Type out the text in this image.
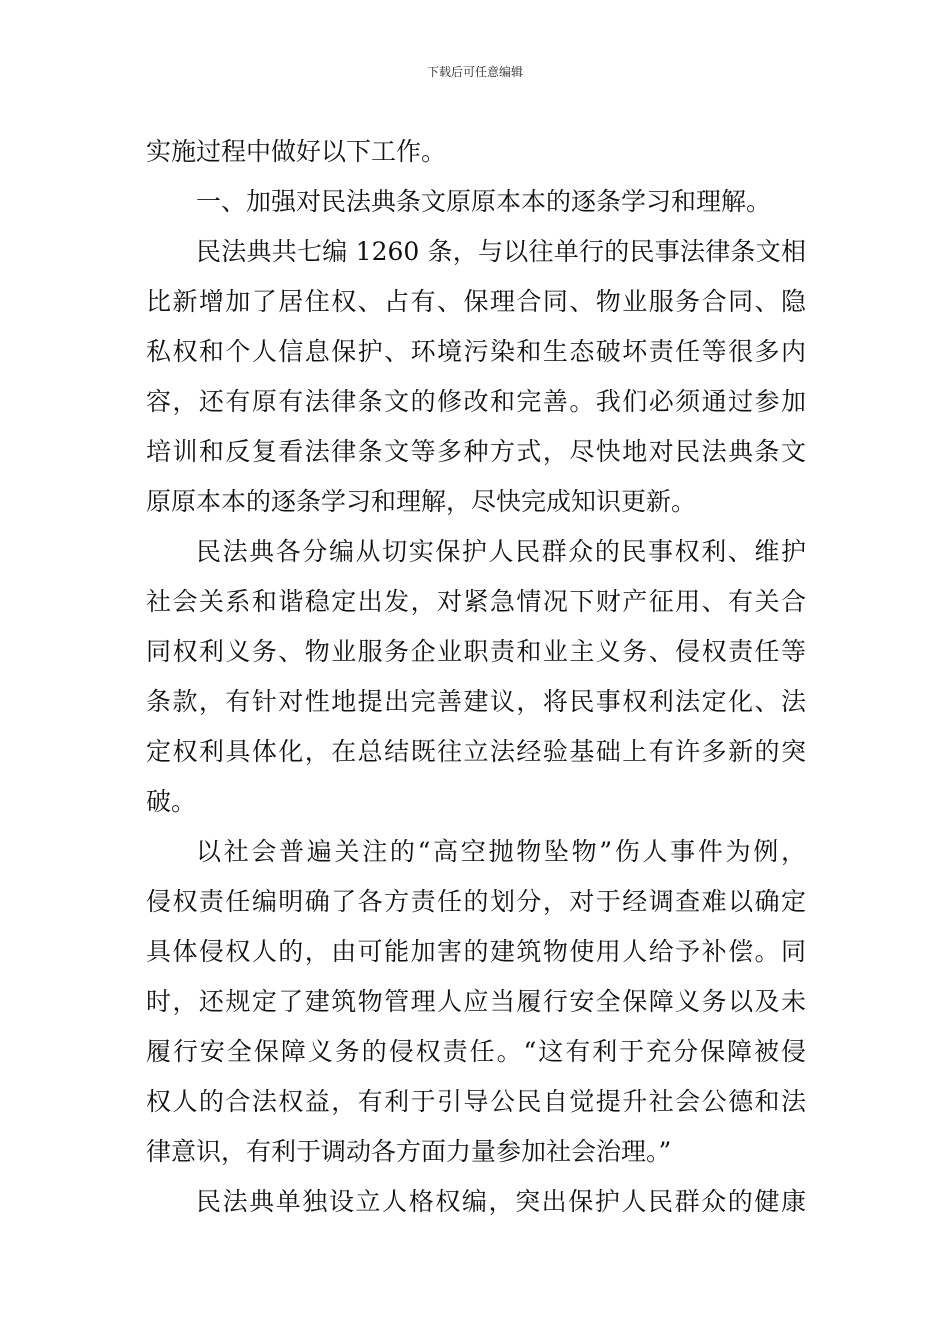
下载后可任意编辑
实施过程中做好以下工作。
一、加强对民法典条文原原本本的逐条学习和理解。
民法典共七编 1260 条，与以往单行的民事法律条文相
比新增加了居住权、占有、保理合同、物业服务合同、隐
私权和个人信息保护、环境污染和生态破坏责任等很多内
容，还有原有法律条文的修改和完善。我们必须通过参加
培训和反复看法律条文等多种方式，尽快地对民法典条文
原原本本的逐条学习和理解，尽快完成知识更新。
民法典各分编从切实保护人民群众的民事权利、维护
社会关系和谐稳定出发，对紧急情况下财产征用、有关合
同权利义务、物业服务企业职责和业主义务、侵权责任等
条款，有针对性地提出完善建议，将民事权利法定化、法
定权利具体化，在总结既往立法经验基础上有许多新的突
破。
以社会普遍关注的“高空抛物坠物”伤人事件为例，
侵权责任编明确了各方责任的划分，对于经调查难以确定
具体侵权人的，由可能加害的建筑物使用人给予补偿。同
时，还规定了建筑物管理人应当履行安全保障义务以及未
履行安全保障义务的侵权责任。“这有利于充分保障被侵
权人的合法权益，有利于引导公民自觉提升社会公德和法
律意识，有利于调动各方面力量参加社会治理。”
民法典单独设立人格权编，突出保护人民群众的健康
